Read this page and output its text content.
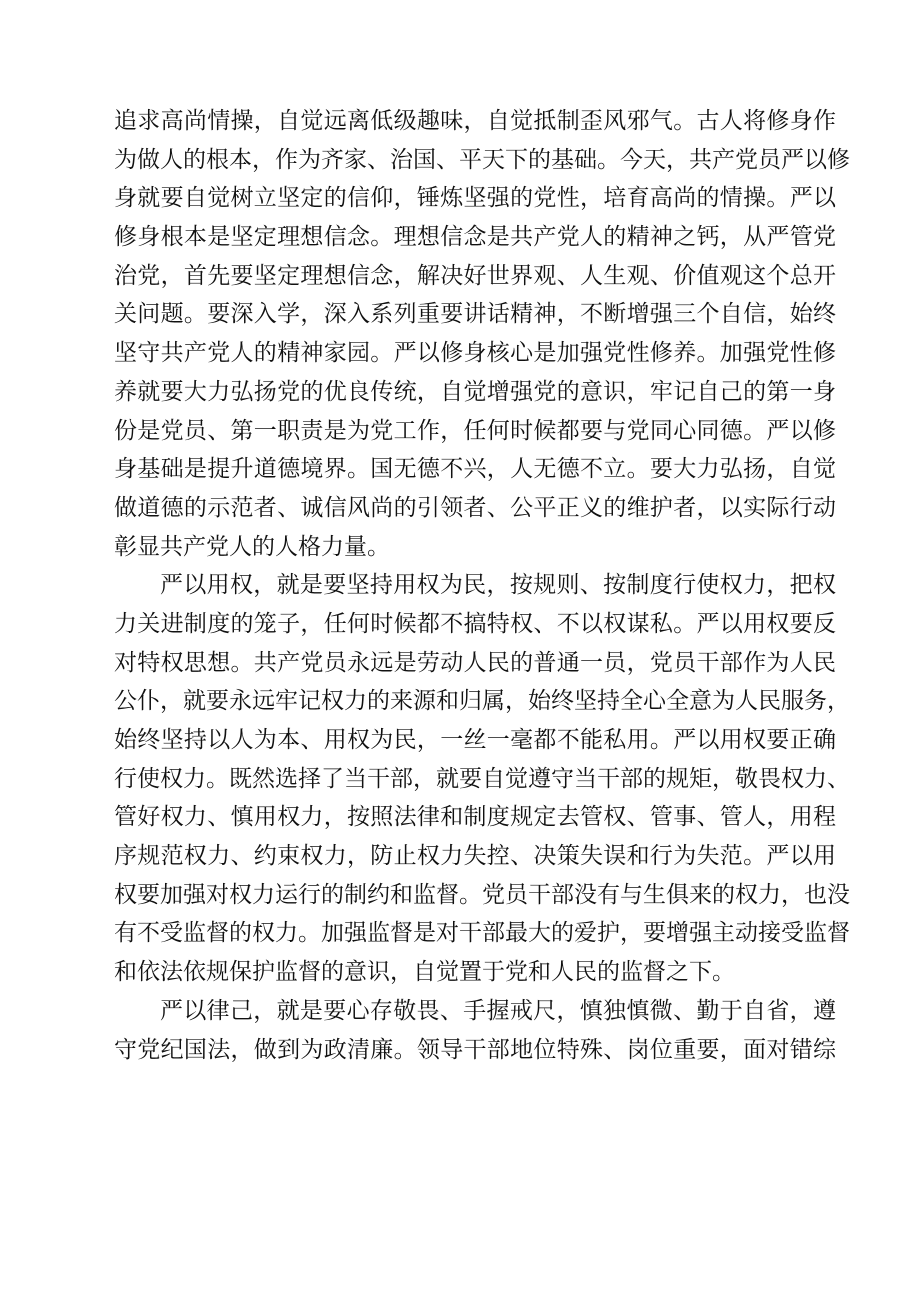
追求高尚情操，自觉远离低级趣味，自觉抵制歪风邪气。古人将修身作
为做人的根本，作为齐家、治国、平天下的基础。今天，共产党员严以修
身就要自觉树立坚定的信仰，锤炼坚强的党性，培育高尚的情操。严以
修身根本是坚定理想信念。理想信念是共产党人的精神之钙，从严管党
治党，首先要坚定理想信念，解决好世界观、人生观、价值观这个总开
关问题。要深入学，深入系列重要讲话精神，不断增强三个自信，始终
坚守共产党人的精神家园。严以修身核心是加强党性修养。加强党性修
养就要大力弘扬党的优良传统，自觉增强党的意识，牢记自己的第一身
份是党员、第一职责是为党工作，任何时候都要与党同心同德。严以修
身基础是提升道德境界。国无德不兴，人无德不立。要大力弘扬，自觉
做道德的示范者、诚信风尚的引领者、公平正义的维护者，以实际行动
彰显共产党人的人格力量。
严以用权，就是要坚持用权为民，按规则、按制度行使权力，把权
力关进制度的笼子，任何时候都不搞特权、不以权谋私。严以用权要反
对特权思想。共产党员永远是劳动人民的普通一员，党员干部作为人民
公仆，就要永远牢记权力的来源和归属，始终坚持全心全意为人民服务，
始终坚持以人为本、用权为民，一丝一毫都不能私用。严以用权要正确
行使权力。既然选择了当干部，就要自觉遵守当干部的规矩，敬畏权力、
管好权力、慎用权力，按照法律和制度规定去管权、管事、管人，用程
序规范权力、约束权力，防止权力失控、决策失误和行为失范。严以用
权要加强对权力运行的制约和监督。党员干部没有与生俱来的权力，也没
有不受监督的权力。加强监督是对干部最大的爱护，要增强主动接受监督
和依法依规保护监督的意识，自觉置于党和人民的监督之下。
严以律己，就是要心存敬畏、手握戒尺，慎独慎微、勤于自省，遵
守党纪国法，做到为政清廉。领导干部地位特殊、岗位重要，面对错综
